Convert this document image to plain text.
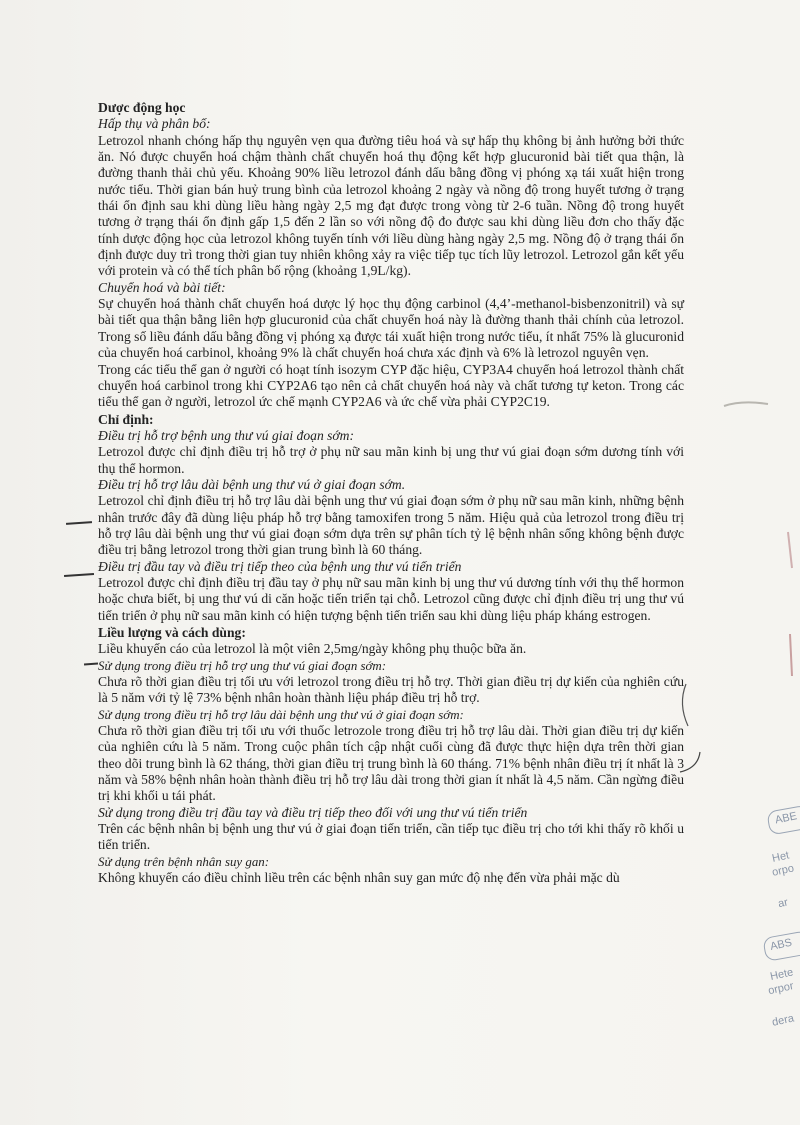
Dược động học

Hấp thụ và phân bố:

Letrozol nhanh chóng hấp thụ nguyên vẹn qua đường tiêu hoá và sự hấp thụ không bị ảnh hưởng bởi thức ăn. Nó được chuyển hoá chậm thành chất chuyển hoá thụ động kết hợp glucuronid bài tiết qua thận, là đường thanh thải chủ yếu. Khoảng 90% liều letrozol đánh dấu bằng đồng vị phóng xạ tái xuất hiện trong nước tiểu. Thời gian bán huỷ trung bình của letrozol khoảng 2 ngày và nồng độ trong huyết tương ở trạng thái ổn định sau khi dùng liều hàng ngày 2,5 mg đạt được trong vòng từ 2-6 tuần. Nồng độ trong huyết tương ở trạng thái ổn định gấp 1,5 đến 2 lần so với nồng độ đo được sau khi dùng liều đơn cho thấy đặc tính dược động học của letrozol không tuyến tính với liều dùng hàng ngày 2,5 mg. Nồng độ ở trạng thái ổn định được duy trì trong thời gian tuy nhiên không xảy ra việc tiếp tục tích lũy letrozol. Letrozol gắn kết yếu với protein và có thể tích phân bố rộng (khoảng 1,9L/kg).

Chuyển hoá và bài tiết:

Sự chuyển hoá thành chất chuyển hoá dược lý học thụ động carbinol (4,4’-methanol-bisbenzonitril) và sự bài tiết qua thận bằng liên hợp glucuronid của chất chuyển hoá này là đường thanh thải chính của letrozol. Trong số liều đánh dấu bằng đồng vị phóng xạ được tái xuất hiện trong nước tiểu, ít nhất 75% là glucuronid của chuyển hoá carbinol, khoảng 9% là chất chuyển hoá chưa xác định và 6% là letrozol nguyên vẹn.

Trong các tiểu thể gan ở người có hoạt tính isozym CYP đặc hiệu, CYP3A4 chuyển hoá letrozol thành chất chuyển hoá carbinol trong khi CYP2A6 tạo nên cả chất chuyển hoá này và chất tương tự keton. Trong các tiểu thể gan ở người, letrozol ức chế mạnh CYP2A6 và ức chế vừa phải CYP2C19.

Chỉ định:

Điều trị hỗ trợ bệnh ung thư vú giai đoạn sớm:

Letrozol được chỉ định điều trị hỗ trợ ở phụ nữ sau mãn kinh bị ung thư vú giai đoạn sớm dương tính với thụ thể hormon.

Điều trị hỗ trợ lâu dài bệnh ung thư vú ở giai đoạn sớm.

Letrozol chỉ định điều trị hỗ trợ lâu dài bệnh ung thư vú giai đoạn sớm ở phụ nữ sau mãn kinh, những bệnh nhân trước đây đã dùng liệu pháp hỗ trợ bằng tamoxifen trong 5 năm. Hiệu quả của letrozol trong điều trị hỗ trợ lâu dài bệnh ung thư vú giai đoạn sớm dựa trên sự phân tích tỷ lệ bệnh nhân sống không bệnh được điều trị bằng letrozol trong thời gian trung bình là 60 tháng.

Điều trị đầu tay và điều trị tiếp theo của bệnh ung thư vú tiến triển

Letrozol được chỉ định điều trị đầu tay ở phụ nữ sau mãn kinh bị ung thư vú dương tính với thụ thể hormon hoặc chưa biết, bị ung thư vú di căn hoặc tiến triển tại chỗ. Letrozol cũng được chỉ định điều trị ung thư vú tiến triển ở phụ nữ sau mãn kinh có hiện tượng bệnh tiến triển sau khi dùng liệu pháp kháng estrogen.

Liều lượng và cách dùng:

Liều khuyến cáo của letrozol là một viên 2,5mg/ngày không phụ thuộc bữa ăn.

Sử dụng trong điều trị hỗ trợ ung thư vú giai đoạn sớm:

Chưa rõ thời gian điều trị tối ưu với letrozol trong điều trị hỗ trợ. Thời gian điều trị dự kiến của nghiên cứu là 5 năm với tỷ lệ 73% bệnh nhân hoàn thành liệu pháp điều trị hỗ trợ.

Sử dụng trong điều trị hỗ trợ lâu dài bệnh ung thư vú ở giai đoạn sớm:

Chưa rõ thời gian điều trị tối ưu với thuốc letrozole trong điều trị hỗ trợ lâu dài. Thời gian điều trị dự kiến của nghiên cứu là 5 năm. Trong cuộc phân tích cập nhật cuối cùng đã được thực hiện dựa trên thời gian theo dõi trung bình là 62 tháng, thời gian điều trị trung bình là 60 tháng. 71% bệnh nhân điều trị ít nhất là 3 năm và 58% bệnh nhân hoàn thành điều trị hỗ trợ lâu dài trong thời gian ít nhất là 4,5 năm. Cần ngừng điều trị khi khối u tái phát.

Sử dụng trong điều trị đầu tay và điều trị tiếp theo đối với ung thư vú tiến triển

Trên các bệnh nhân bị bệnh ung thư vú ở giai đoạn tiến triển, cần tiếp tục điều trị cho tới khi thấy rõ khối u tiến triển.

Sử dụng trên bệnh nhân suy gan:

Không khuyến cáo điều chỉnh liều trên các bệnh nhân suy gan mức độ nhẹ đến vừa phải mặc dù

ABE
Het
orpo
ar
ABS
Hete
orpor
dera
